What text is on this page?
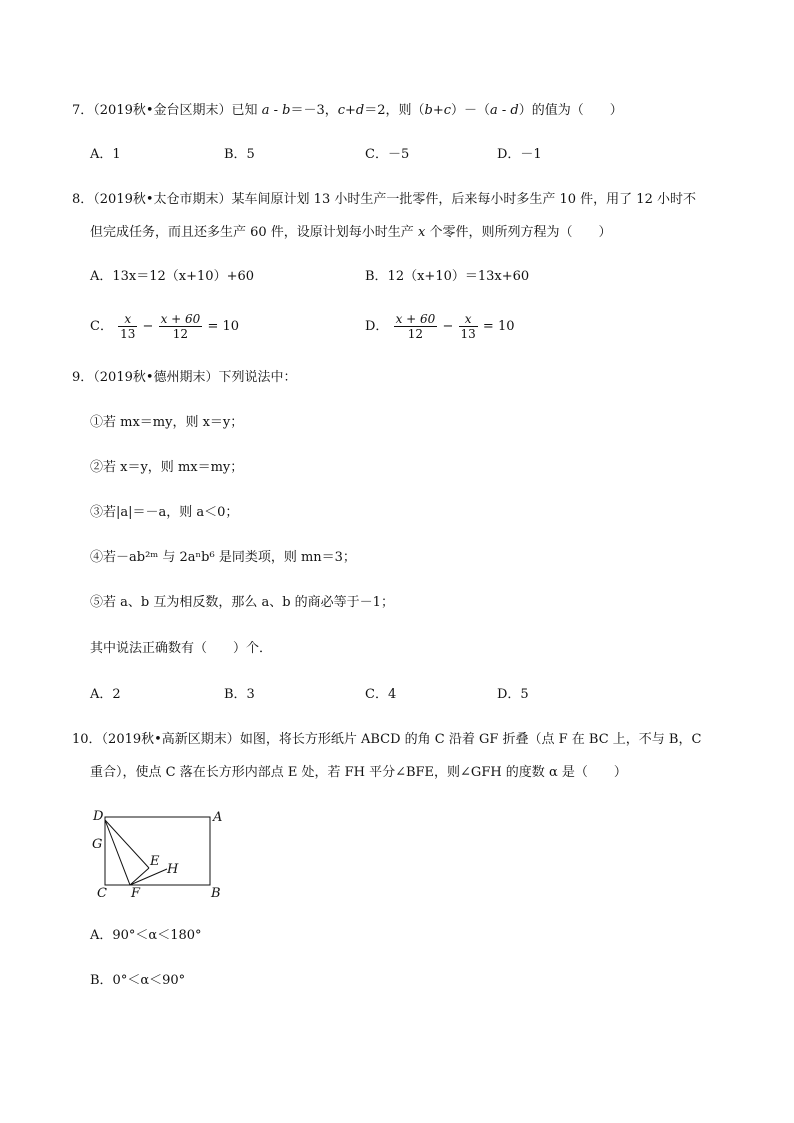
7．（2019秋•金台区期末）已知 a - b＝－3，c+d＝2，则（b+c）－（a - d）的值为（　　）
A．1	B．5	C．－5	D．－1
8．（2019秋•太仓市期末）某车间原计划 13 小时生产一批零件，后来每小时多生产 10 件，用了 12 小时不
但完成任务，而且还多生产 60 件，设原计划每小时生产 x 个零件，则所列方程为（　　）
A．13x＝12（x+10）+60	B．12（x+10）＝13x+60
C． $\frac{x}{13} - \frac{x + 60}{12} = 10$	D． $\frac{x + 60}{12} - \frac{x}{13} = 10$
9．（2019秋•德州期末）下列说法中：
①若 mx＝my，则 x＝y；
②若 x＝y，则 mx＝my；
③若|a|＝－a，则 a＜0；
④若－ab²ᵐ 与 2aⁿb⁶ 是同类项，则 mn＝3；
⑤若 a、b 互为相反数，那么 a、b 的商必等于－1；
其中说法正确数有（　　）个．
A．2	B．3	C．4	D．5
10．（2019秋•高新区期末）如图，将长方形纸片 ABCD 的角 C 沿着 GF 折叠（点 F 在 BC 上，不与 B，C
重合），使点 C 落在长方形内部点 E 处，若 FH 平分∠BFE，则∠GFH 的度数 α 是（　　）
D	A
G
E
H
C F	B
A．90°＜α＜180°
B．0°＜α＜90°
